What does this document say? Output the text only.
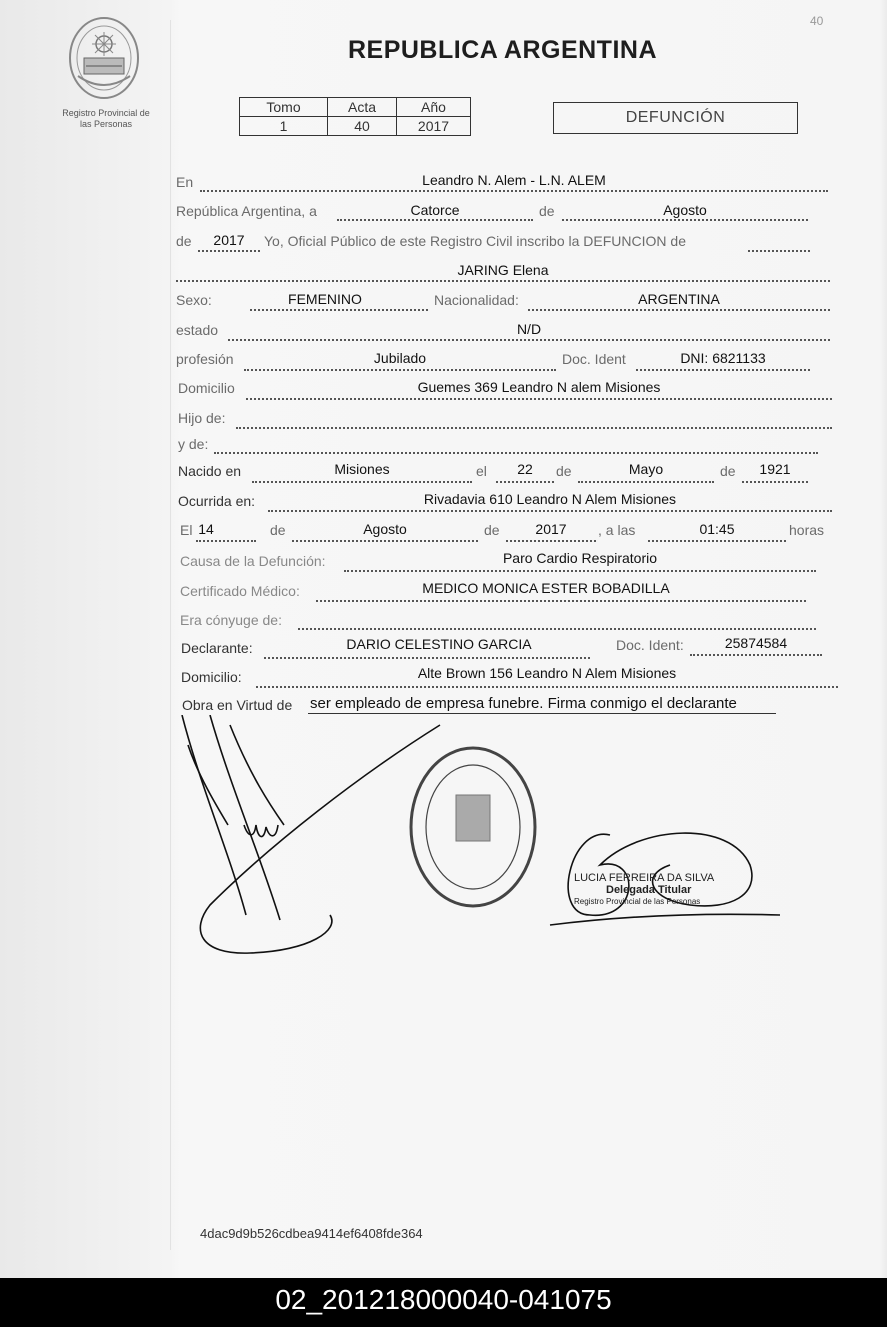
Registro Provincial de
las Personas
40
REPUBLICA ARGENTINA
Tomo	Acta	Año
1	40	2017	DEFUNCIÓN
En	Leandro N. Alem - L.N. ALEM
República Argentina, a	Catorce	de	Agosto
de	2017	Yo, Oficial Público de este Registro Civil inscribo la DEFUNCION de
JARING Elena
Sexo:	FEMENINO	Nacionalidad:	ARGENTINA
estado	N/D
profesión	Jubilado	Doc. Ident	DNI: 6821133
Domicilio	Guemes 369 Leandro N alem Misiones
Hijo de:
y de:
Nacido en	Misiones	el	22	de	Mayo	de	1921
Ocurrida en:	Rivadavia 610 Leandro N Alem Misiones
El 14	de	Agosto	de	2017	, a las	01:45	horas
Causa de la Defunción:	Paro Cardio Respiratorio
Certificado Médico:	MEDICO MONICA ESTER BOBADILLA
Era cónyuge de:
Declarante:	DARIO CELESTINO GARCIA	Doc. Ident:	25874584
Domicilio:	Alte Brown 156 Leandro N Alem Misiones
Obra en Virtud de ser empleado de empresa funebre. Firma conmigo el declarante
LUCIA FERREIRA DA SILVA
Delegada Titular
Registro Provincial de las Personas
4dac9d9b526cdbea9414ef6408fde364
02_201218000040-041075
